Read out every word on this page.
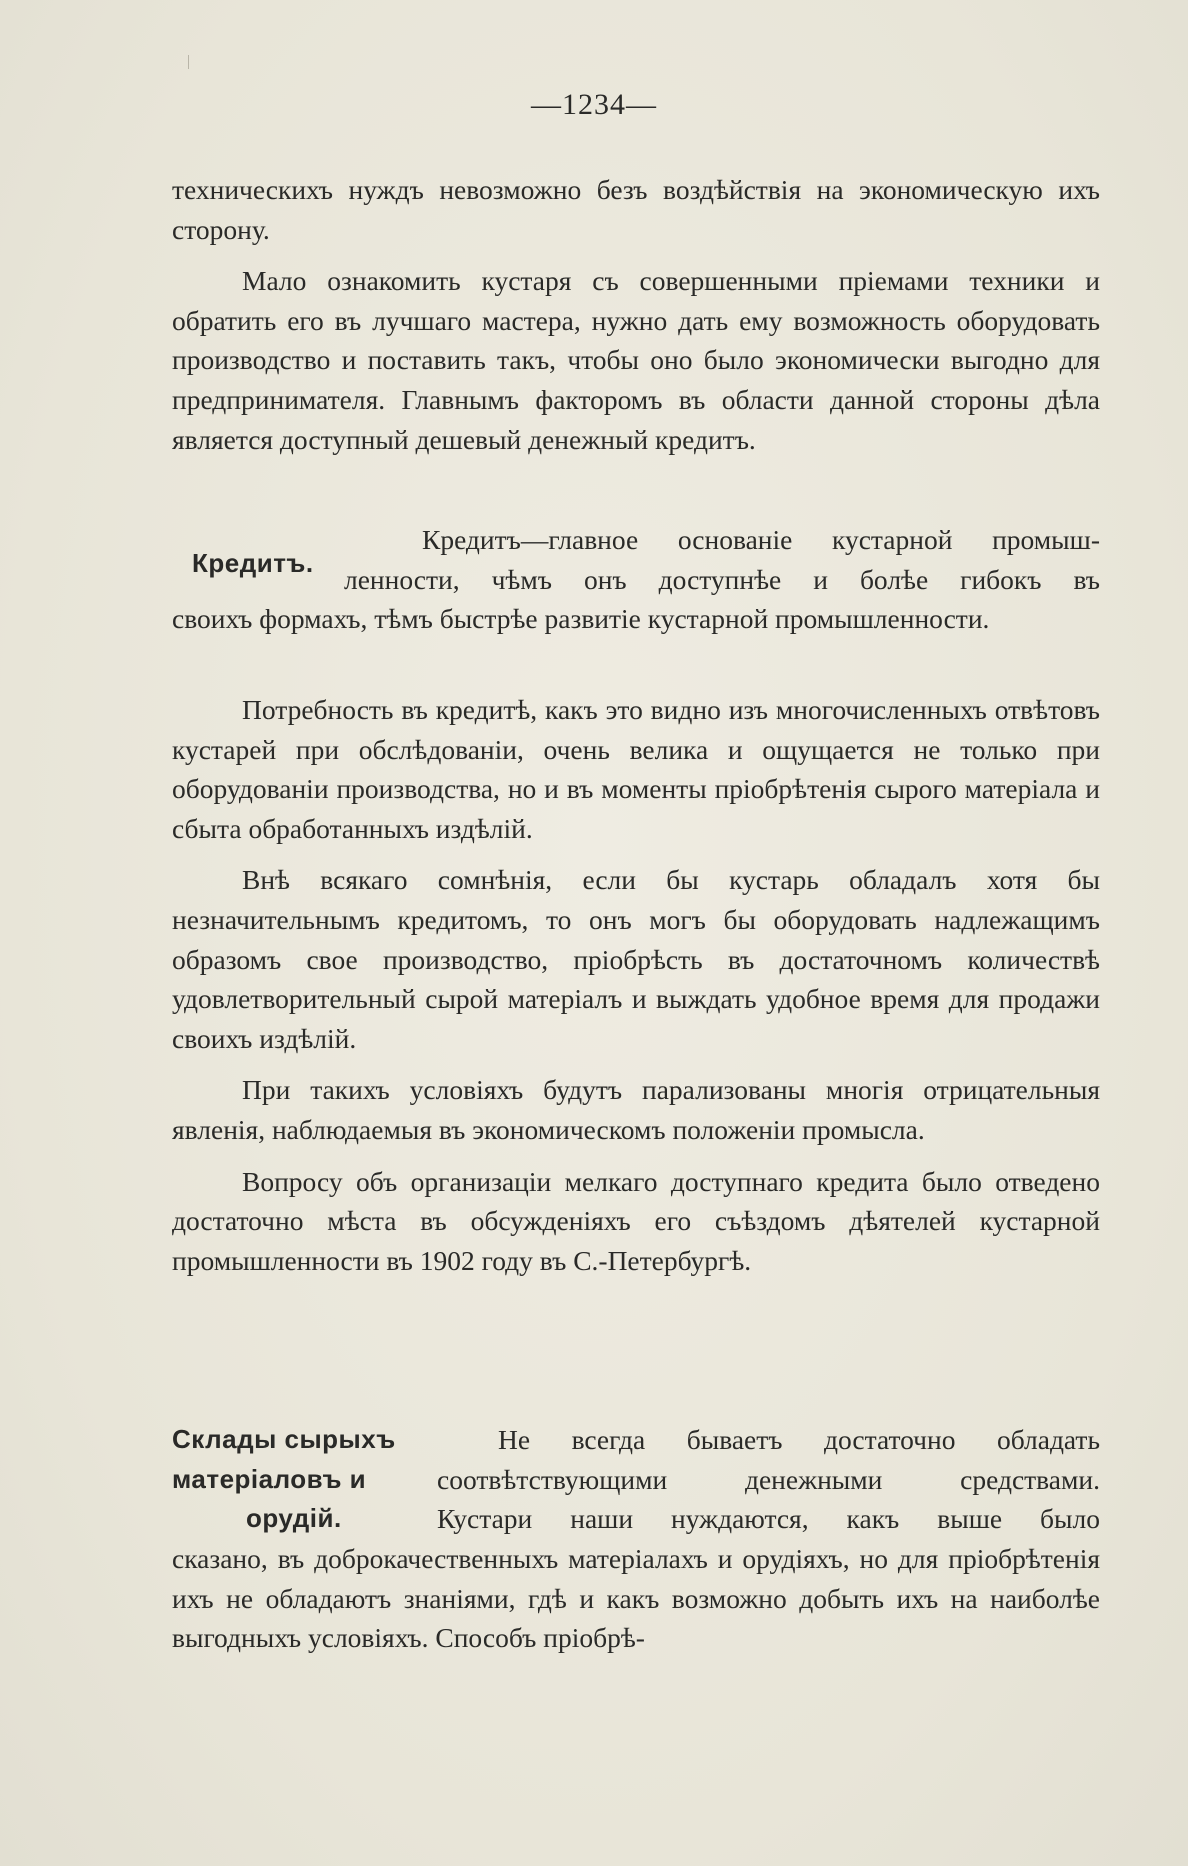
—1234—

техническихъ нуждъ невозможно безъ воздѣйствія на экономическую ихъ сторону.

Мало ознакомить кустаря съ совершенными пріемами техники и обратить его въ лучшаго мастера, нужно дать ему возможность оборудовать производство и поставить такъ, чтобы оно было экономически выгодно для предпринимателя. Главнымъ факторомъ въ области данной стороны дѣла является доступный дешевый денежный кредитъ.

Кредитъ.
Кредитъ—главное основаніе кустарной промыш-
ленности, чѣмъ онъ доступнѣе и болѣе гибокъ въ

своихъ формахъ, тѣмъ быстрѣе развитіе кустарной промышленности.

Потребность въ кредитѣ, какъ это видно изъ многочисленныхъ отвѣтовъ кустарей при обслѣдованіи, очень велика и ощущается не только при оборудованіи производства, но и въ моменты пріобрѣтенія сырого матеріала и сбыта обработанныхъ издѣлій.

Внѣ всякаго сомнѣнія, если бы кустарь обладалъ хотя бы незначительнымъ кредитомъ, то онъ могъ бы оборудовать надлежащимъ образомъ свое производство, пріобрѣсть въ достаточномъ количествѣ удовлетворительный сырой матеріалъ и выждать удобное время для продажи своихъ издѣлій.

При такихъ условіяхъ будутъ парализованы многія отрицательныя явленія, наблюдаемыя въ экономическомъ положеніи промысла.

Вопросу объ организаціи мелкаго доступнаго кредита было отведено достаточно мѣста въ обсужденіяхъ его съѣздомъ дѣятелей кустарной промышленности въ 1902 году въ С.-Петербургѣ.

Склады сырыхъ
матеріаловъ и
орудій.
Не всегда бываетъ достаточно обладать
соотвѣтствующими денежными средствами.
Кустари наши нуждаются, какъ выше было
сказано, въ доброкачественныхъ матеріалахъ и орудіяхъ, но для пріобрѣтенія ихъ не обладаютъ знаніями, гдѣ и какъ возможно добыть ихъ на наиболѣе выгодныхъ условіяхъ. Способъ пріобрѣ-
